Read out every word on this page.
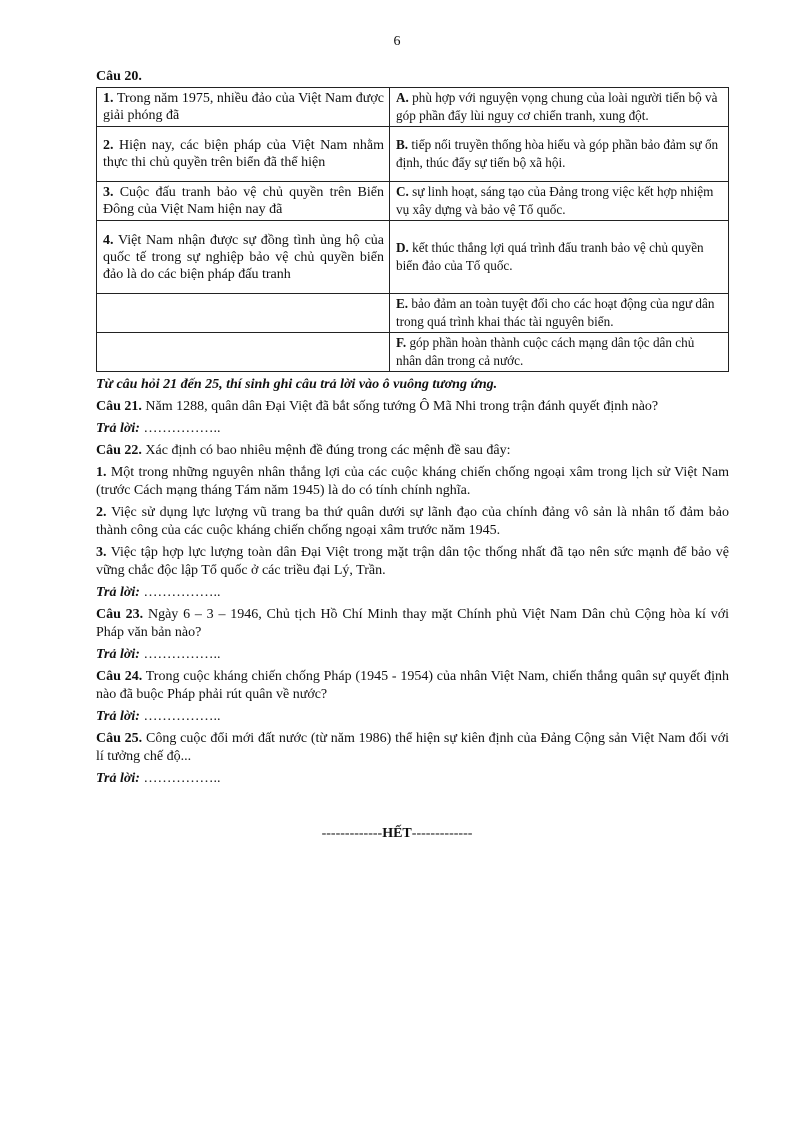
6
Câu 20.
1. Trong năm 1975, nhiều đảo của Việt Nam được giải phóng đã	A. phù hợp với nguyện vọng chung của loài người tiến bộ và góp phần đẩy lùi nguy cơ chiến tranh, xung đột.
2. Hiện nay, các biện pháp của Việt Nam nhằm thực thi chủ quyền trên biển đã thể hiện	B. tiếp nối truyền thống hòa hiếu và góp phần bảo đảm sự ổn định, thúc đẩy sự tiến bộ xã hội.
3. Cuộc đấu tranh bảo vệ chủ quyền trên Biển Đông của Việt Nam hiện nay đã	C. sự linh hoạt, sáng tạo của Đảng trong việc kết hợp nhiệm vụ xây dựng và bảo vệ Tổ quốc.
4. Việt Nam nhận được sự đồng tình ủng hộ của quốc tế trong sự nghiệp bảo vệ chủ quyền biển đảo là do các biện pháp đấu tranh	D. kết thúc thắng lợi quá trình đấu tranh bảo vệ chủ quyền biển đảo của Tổ quốc.
	E. bảo đảm an toàn tuyệt đối cho các hoạt động của ngư dân trong quá trình khai thác tài nguyên biển.
	F. góp phần hoàn thành cuộc cách mạng dân tộc dân chủ nhân dân trong cả nước.
Từ câu hỏi 21 đến 25, thí sinh ghi câu trả lời vào ô vuông tương ứng.

Câu 21. Năm 1288, quân dân Đại Việt đã bắt sống tướng Ô Mã Nhi trong trận đánh quyết định nào?

Trả lời: ……………..

Câu 22. Xác định có bao nhiêu mệnh đề đúng trong các mệnh đề sau đây:

1. Một trong những nguyên nhân thắng lợi của các cuộc kháng chiến chống ngoại xâm trong lịch sử Việt Nam (trước Cách mạng tháng Tám năm 1945) là do có tính chính nghĩa.

2. Việc sử dụng lực lượng vũ trang ba thứ quân dưới sự lãnh đạo của chính đảng vô sản là nhân tố đảm bảo thành công của các cuộc kháng chiến chống ngoại xâm trước năm 1945.

3. Việc tập hợp lực lượng toàn dân Đại Việt trong mặt trận dân tộc thống nhất đã tạo nên sức mạnh để bảo vệ vững chắc độc lập Tổ quốc ở các triều đại Lý, Trần.

Trả lời: ……………..

Câu 23. Ngày 6 – 3 – 1946, Chủ tịch Hồ Chí Minh thay mặt Chính phủ Việt Nam Dân chủ Cộng hòa kí với Pháp văn bản nào?

Trả lời: ……………..

Câu 24. Trong cuộc kháng chiến chống Pháp (1945 - 1954) của nhân Việt Nam, chiến thắng quân sự quyết định nào đã buộc Pháp phải rút quân về nước?

Trả lời: ……………..

Câu 25. Công cuộc đổi mới đất nước (từ năm 1986) thể hiện sự kiên định của Đảng Cộng sản Việt Nam đối với lí tưởng chế độ...

Trả lời: ……………..

-------------HẾT-------------
